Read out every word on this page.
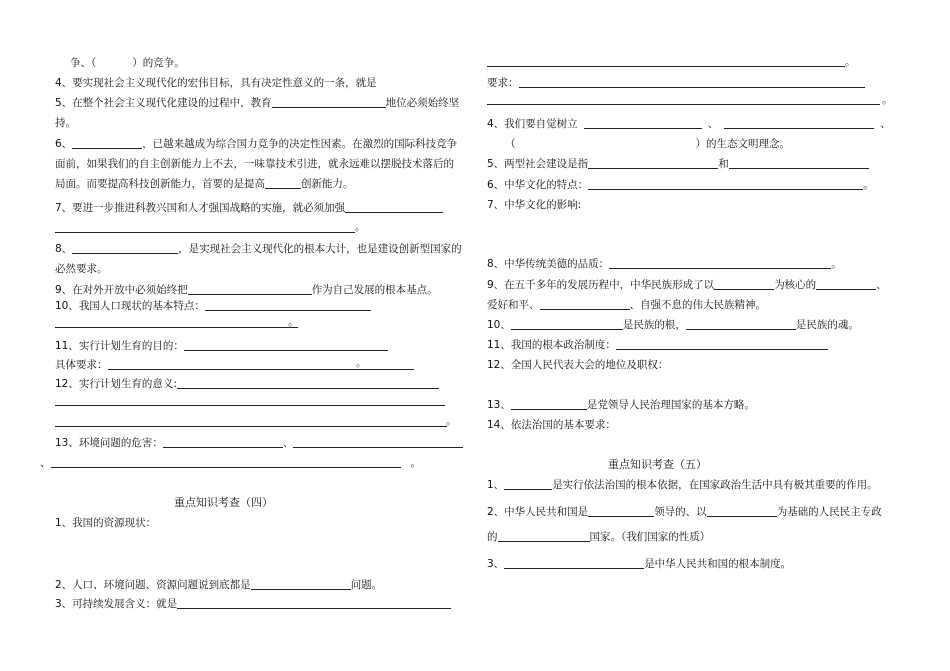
争、（	）的竞争。
4、要实现社会主义现代化的宏伟目标，具有决定性意义的一条，就是
5、在整个社会主义现代化建设的过程中，教育	地位必须始终坚
持。
6、	，已越来越成为综合国力竞争的决定性因素。在激烈的国际科技竞争
面前，如果我们的自主创新能力上不去，一味靠技术引进，就永远难以摆脱技术落后的
局面。而要提高科技创新能力，首要的是提高	创新能力。
7、要进一步推进科教兴国和人才强国战略的实施，就必须加强
。
8、	，是实现社会主义现代化的根本大计，也是建设创新型国家的
必然要求。
9、在对外开放中必须始终把	作为自己发展的根本基点。
10、我国人口现状的基本特点：
。
11、实行计划生育的目的：
具体要求：	。
12、实行计划生育的意义:
。
13、环境问题的危害：	、
、	。
重点知识考查（四）
1、我国的资源现状：
2、人口、环境问题、资源问题说到底都是	问题。
3、可持续发展含义：就是
。
要求：
。
4、我们要自觉树立	、	、
（	）的生态文明理念。
5、两型社会建设是指	和
6、中华文化的特点：	。
7、中华文化的影响:
8、中华传统美德的品质：	。
9、在五千多年的发展历程中，中华民族形成了以	为核心的	、
爱好和平、	、自强不息的伟大民族精神。
10、	是民族的根，	是民族的魂。
11、我国的根本政治制度：
12、全国人民代表大会的地位及职权：
13、	是党领导人民治理国家的基本方略。
14、依法治国的基本要求：
重点知识考查（五）
1、	是实行依法治国的根本依据，在国家政治生活中具有极其重要的作用。
2、中华人民共和国是	领导的、以	为基础的人民民主专政
的	国家。（我们国家的性质）
3、	是中华人民共和国的根本制度。
